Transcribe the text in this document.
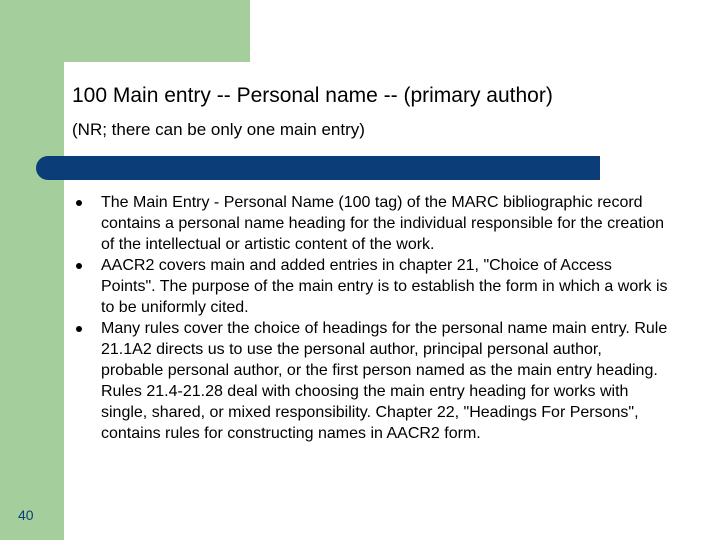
100 Main entry -- Personal name -- (primary author)

(NR; there can be only one main entry)

The Main Entry - Personal Name (100 tag) of the MARC bibliographic record contains a personal name heading for the individual responsible for the creation of the intellectual or artistic content of the work.
AACR2 covers main and added entries in chapter 21, "Choice of Access Points". The purpose of the main entry is to establish the form in which a work is to be uniformly cited.
Many rules cover the choice of headings for the personal name main entry. Rule 21.1A2 directs us to use the personal author, principal personal author, probable personal author, or the first person named as the main entry heading. Rules 21.4-21.28 deal with choosing the main entry heading for works with single, shared, or mixed responsibility. Chapter 22, "Headings For Persons", contains rules for constructing names in AACR2 form.
40
